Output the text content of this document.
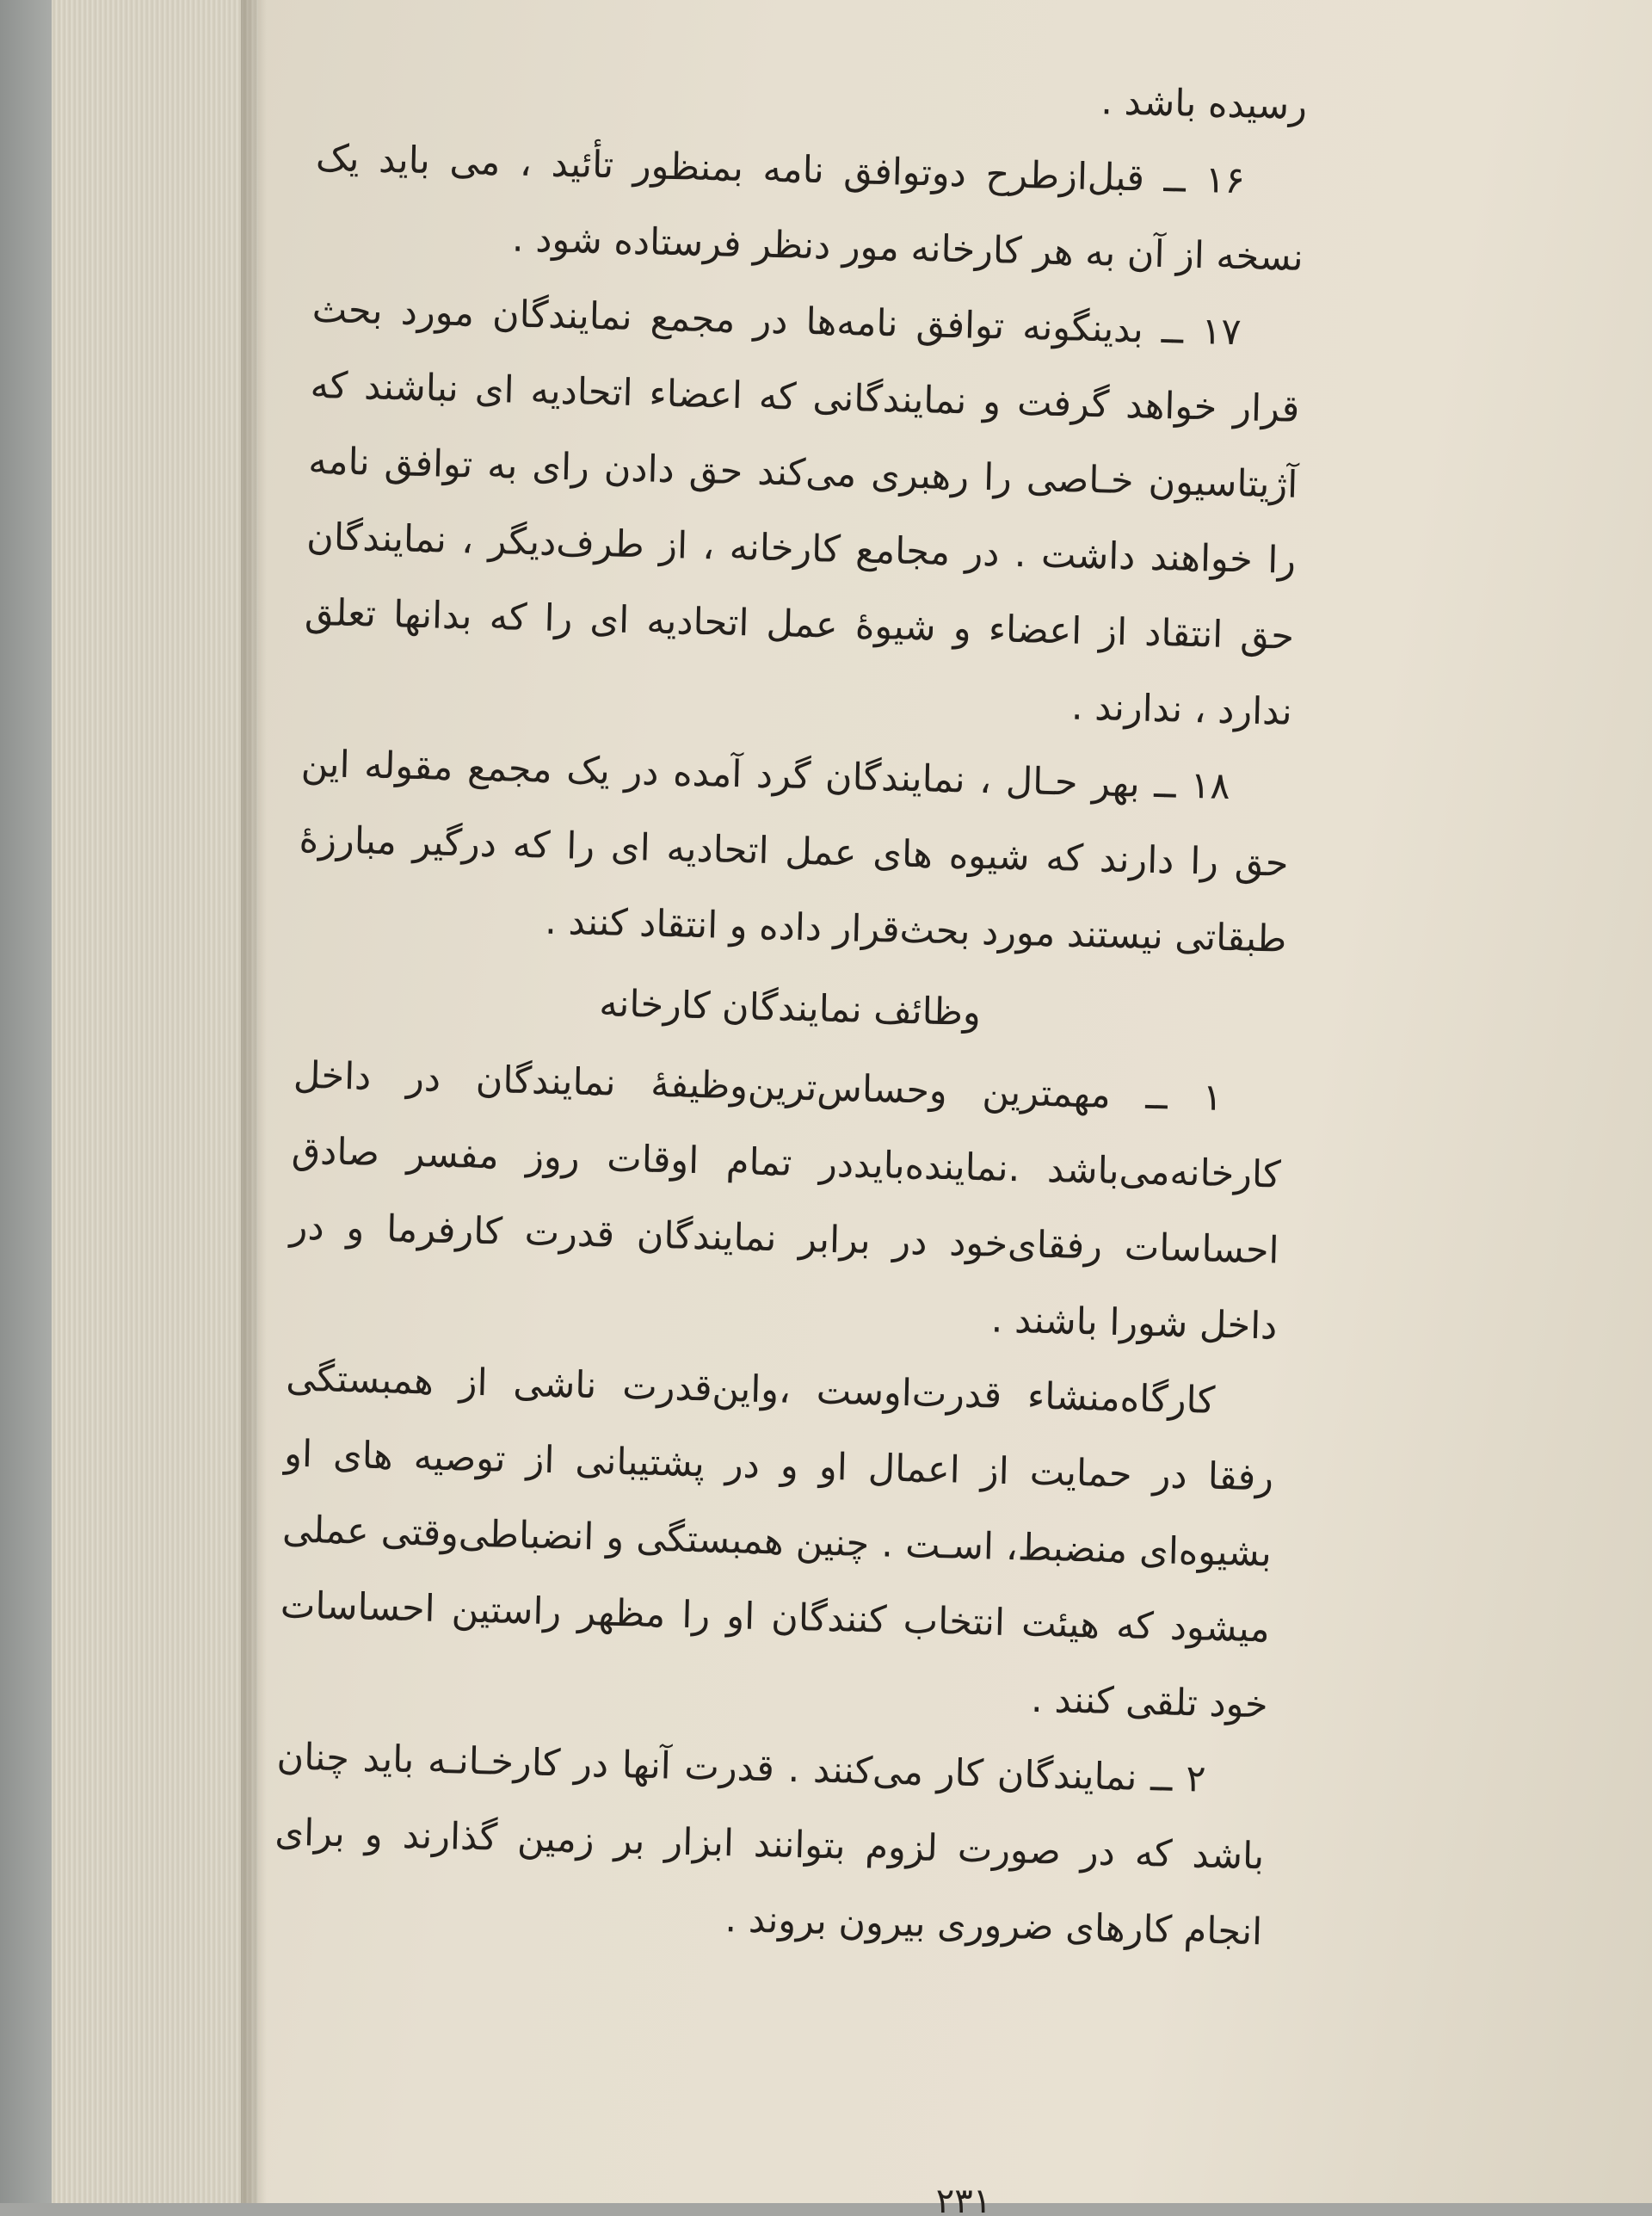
رسیده باشد .

۱۶ ــ قبل‌ازطرح دوتوافق نامه بمنظور تأئید ، می باید یک نسخه از آن به هر کارخانه مور دنظر فرستاده شود .

۱۷ ــ بدینگونه توافق نامه‌ها در مجمع نمایندگان مورد بحث قرار خواهد گرفت و نمایندگانی که اعضاء اتحادیه ای نباشند که آژیتاسیون خـاصی را رهبری می‌کند حق دادن رای به توافق نامه را خواهند داشت . در مجامع کارخانه ، از طرف‌دیگر ، نمایندگان حق انتقاد از اعضاء و شیوهٔ عمل اتحادیه ای را که بدانها تعلق ندارد ، ندارند .

۱۸ ــ بهر حـال ، نمایندگان گرد آمده در یک مجمع مقوله این حق را دارند که شیوه های عمل اتحادیه ای را که درگیر مبارزهٔ طبقاتی نیستند مورد بحث‌قرار داده و انتقاد کنند .

وظائف نمایندگان کارخانه

۱ ــ مهمترین وحساس‌ترین‌وظیفهٔ نمایندگان در داخل کارخانه‌می‌باشد .نماینده‌بایددر تمام اوقات روز مفسر صادق احساسات رفقای‌خود در برابر نمایندگان قدرت کارفرما و در داخل شورا باشند .

کارگاه‌منشاء قدرت‌اوست ،واین‌قدرت ناشی از همبستگی رفقا در حمایت از اعمال او و در پشتیبانی از توصیه های او بشیوه‌ای منضبط، اسـت . چنین همبستگی و انضباطی‌وقتی عملی میشود که هیئت انتخاب کنندگان او را مظهر راستین احساسات خود تلقی کنند .

۲ ــ نمایندگان کار می‌کنند . قدرت آنها در کارخـانـه باید چنان باشد که در صورت لزوم بتوانند ابزار بر زمین گذارند و برای انجام کارهای ضروری بیرون بروند .

۲۳۱
